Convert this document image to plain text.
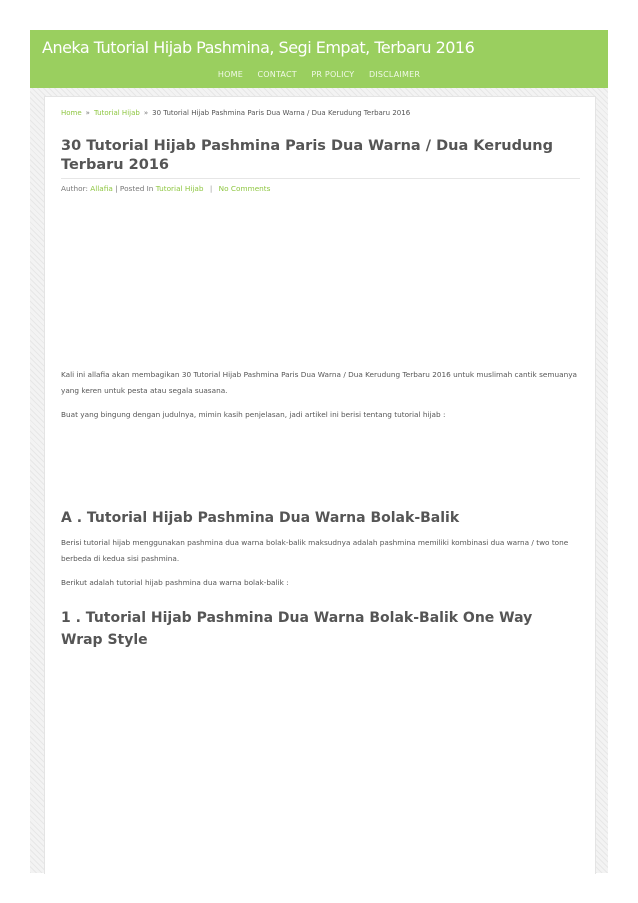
Aneka Tutorial Hijab Pashmina, Segi Empat, Terbaru 2016
HOME CONTACT PR POLICY DISCLAIMER
Home » Tutorial Hijab » 30 Tutorial Hijab Pashmina Paris Dua Warna / Dua Kerudung Terbaru 2016
30 Tutorial Hijab Pashmina Paris Dua Warna / Dua Kerudung Terbaru 2016
Author: Allafia | Posted In Tutorial Hijab | No Comments

Kali ini allafia akan membagikan 30 Tutorial Hijab Pashmina Paris Dua Warna / Dua Kerudung Terbaru 2016 untuk muslimah cantik semuanya yang keren untuk pesta atau segala suasana.

Buat yang bingung dengan judulnya, mimin kasih penjelasan, jadi artikel ini berisi tentang tutorial hijab :

A . Tutorial Hijab Pashmina Dua Warna Bolak-Balik

Berisi tutorial hijab menggunakan pashmina dua warna bolak-balik maksudnya adalah pashmina memiliki kombinasi dua warna / two tone berbeda di kedua sisi pashmina.

Berikut adalah tutorial hijab pashmina dua warna bolak-balik :

1 . Tutorial Hijab Pashmina Dua Warna Bolak-Balik One Way Wrap Style
